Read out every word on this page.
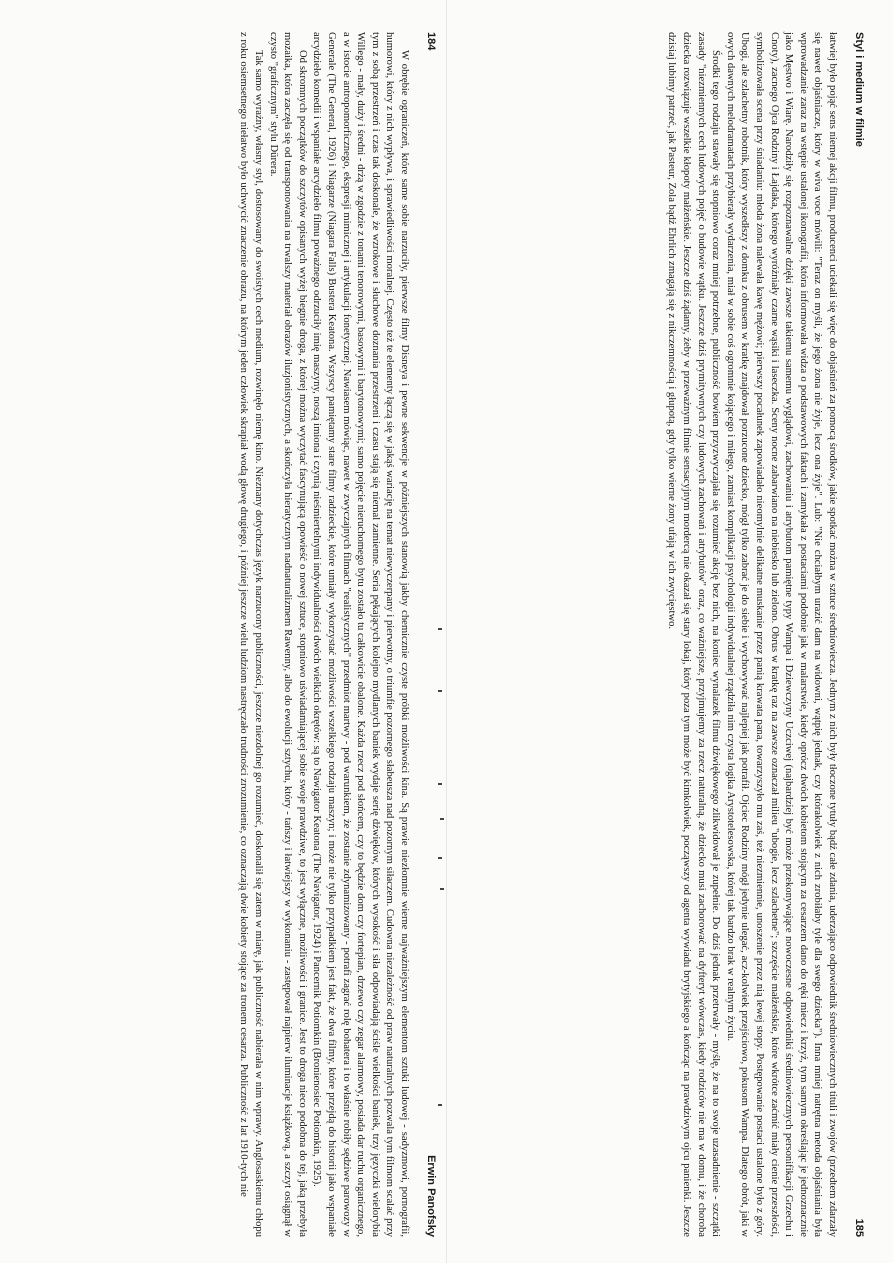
184
Erwin Panofsky

W obrębie ograniczeń, które same sobie narzuciły, pierwsze filmy Disneya i pewne sekwencje w późniejszych stanowią jakby chemicznie czyste próbki możliwości kina. Są prawie niezłomnie wierne najważniejszym elementom sztuki ludowej - sadyzmowi, pornografii, humorowi, który z nich wypływa, i sprawiedliwości moralnej. Często też te elementy łączą się w jakąś wariację na temat niewyczerpany i pierwotny, o triumfie pozornego słabeusza nad pozornym siłaczem. Cudowna niezależność od praw naturalnych pozwala tym filmom scalać przy tym z sobą przestrzeń i czas tak doskonale, że wzrokowe i słuchowe doznania przestrzeni i czasu stają się niemal zamienne. Seria pękających kolejno mydlanych baniek wydaje serię dźwięków, których wysokość i siła odpowiadają ściśle wielkości baniek, trzy języczki wielorybia Willego - mały, duży i średni - drżą w zgodzie z tonami tenorowymi, basowymi i barytonowymi; samo pojęcie nieruchomego bytu zostało tu całkowicie obalone. Każda rzecz pod słońcem, czy to będzie dom czy fortepian, drzewo czy zegar alarmowy, posiada dar ruchu organicznego, a w istocie antropomorficznego, ekspresji mimicznej i artykulacji fonetycznej. Nawiasem mówiąc, nawet w zwyczajnych filmach "realistycznych" przedmiot martwy - pod warunkiem, że zostanie zdynamizowany - potrafi zagrać rolę bohatera i to właśnie robiły sędziwe parowozy w Generale (The General, 1926) i Niagarze (Niagara Falls) Bustera Keatona. Wszyscy pamiętamy stare filmy radzieckie, które umiały wykorzystać możliwości wszelkiego rodzaju maszyn; i może nie tylko przypadkiem jest fakt, że dwa filmy, które przejdą do historii jako wspaniałe arcydzieło komedii i wspaniałe arcydzieło filmu poważnego odrzuciły imię maszyny, noszą imiona i czynią nieśmiertelnymi indywidualności dwóch wielkich okrętów: są to Nawigator Keatona (The Navigator, 1924) i Pancernik Potiomkin (Bronienosiec Potiomkin, 1925).

Od skromnych początków do szczytów opisanych wyżej biegnie droga, z której można wyczytać fascynującą opowieść o nowej sztuce, stopniowo uświadamiającej sobie swoje prawdziwe, to jest wyłączne, możliwości i granice. Jest to droga nieco podobna do tej, jaką przebyła mozaika, która zaczęła się od transponowania na trwalszy materiał obrazów iluzjonistycznych, a skończyła hieratycznym nadnaturalizmem Rawenny, albo do ewolucji sztychu, który - tańszy i łatwiejszy w wykonaniu - zastępował najpierw iluminacje książkową, a szczyt osiągnął w czysto "graficznym" stylu Dürera.

Tak samo wyraźny, własny styl, dostosowany do swoistych cech medium, rozwinęło niemę kino. Nieznany dotychczas język narzucony publiczności, jeszcze niezdolnej go rozumieć, doskonalił się zatem w miarę, jak publiczność nabierała w nim wprawy. Anglosaskiemu chłopu z roku osiemsetnego niełatwo było uchwycić znaczenie obrazu, na którym jeden człowiek skrapiał wodą głowę drugiego, i później jeszcze wielu ludziom nastręczało trudności zrozumienie, co oznaczają dwie kobiety stojące za tronem cesarza. Publiczność z lat 1910-tych nie	Styl i medium w filmie
185

łatwiej było pojąć sens niemej akcji filmu, producenci uciekali się więc do objaśnień za pomocą środków, jakie spotkać można w sztuce średniowiecza. Jednym z nich były tłoczone tytuły bądź całe zdania, uderzająco odpowiednik średniowiecznych tituli i zwojów (przedtem zdarzały się nawet objaśniacze, który w wiva voce mówili: "Teraz on myśli, że jego żona nie żyje, lecz ona żyje". Lub: "Nie chciałbym urazić dam na widowni, wątpię jednak, czy którakolwiek z nich zrobiłaby tyle dla swego dziecka"). Inna mniej natrętna metoda objaśniania była wprowadzanie zaraz na wstępie ustalonej ikonografii, która informowała widza o podstawowych faktach i zamykała z postaciami podobnie jak w malarstwie, kiedy oprócz dwóch kobietom stojącym za cesarzem dano do ręki miecz i krzyż, tym samym określając je jednoznacznie jako Męstwo i Wiarę. Narodziły się rozpoznawalne dzięki zawsze takiemu samemu wyglądowi, zachowaniu i atrybutom pamiętne typy Wampa i Dziewczyny Uczciwej (najbardziej być może przekonywające nowoczesne odpowiedniki średniowiecznych personifikacji Grzechu i Cnoty), zacnego Ojca Rodziny i Łajdaka, którego wyróżniały czarne wąsiki i laseczka. Sceny nocne zabarwiano na niebiesko lub zielono. Obrus w kratkę raz na zawsze oznaczał milieu "ubogie, lecz szlachetne"; szczęście małżeńskie, które wkrótce zaćmić miały cienie przeszłości, symbolizowała scena przy śniadaniu: młoda żona nalewała kawę mężowi; pierwszy pocałunek zapowiadało nieomylnie delikatne muskanie przez panią krawata pana, towarzyszyło mu zaś, też niezmiennie, unoszenie przez nią lewej stopy. Postępowanie postaci ustalone było z góry. Ubogi, ale szlachetny robotnik, który wyszedłszy z domku z obrusem w kratkę znajdował porzucone dziecko, mógł tylko zabrać je do siebie i wychowywać najlepiej jak potrafił. Ojciec Rodziny mógł jedynie ulegać, acz-kolwiek przejściowo, pokusom Wampa. Dlatego obrót, jaki w owych dawnych melodramatach przybierały wydarzenia, miał w sobie coś ogromnie kojącego i miłego, zamiast komplikacji psychologii indywidualnej rządziła nim czysta logika Arystotelesowska, której tak bardzo brak w realnym życiu.

Środki tego rodzaju stawały się stopniowo coraz mniej potrzebne, publiczność bowiem przyzwyczajała się rozumieć akcję bez nich, na koniec wynalazek filmu dźwiękowego zlikwidował je zupełnie. Do dziś jednak przetrwały - myślę, że na to swoje uzasadnienie - szczątki zasady "niezmiennych cech ludowych pojęć o budowie wątku. Jeszcze dziś prymitywnych czy ludowych zachowań i atrybutów" oraz, co ważniejsze, przyjmujemy za rzecz naturalną, że dziecko musi zachorować na dyfteryt wówczas, kiedy rodziców nie ma w domu, i że choroba dziecka rozwiązuje wszelkie kłopoty małżeńskie. Jeszcze dziś żądamy, żeby w przeważnym filmie sensacyjnym mordercą nie okazał się stary lokaj, który poza tym może być kimkolwiek, począwszy od agenta wywiadu brytyjskiego a kończąc na prawdziwym ojcu panienki. Jeszcze dzisiaj lubimy patrzeć, jak Pasteur, Zola bądź Ehrlich zmagają się z nikczemnością i głupotą, gdy tylko wierne żony ufają w ich zwycięstwo.
